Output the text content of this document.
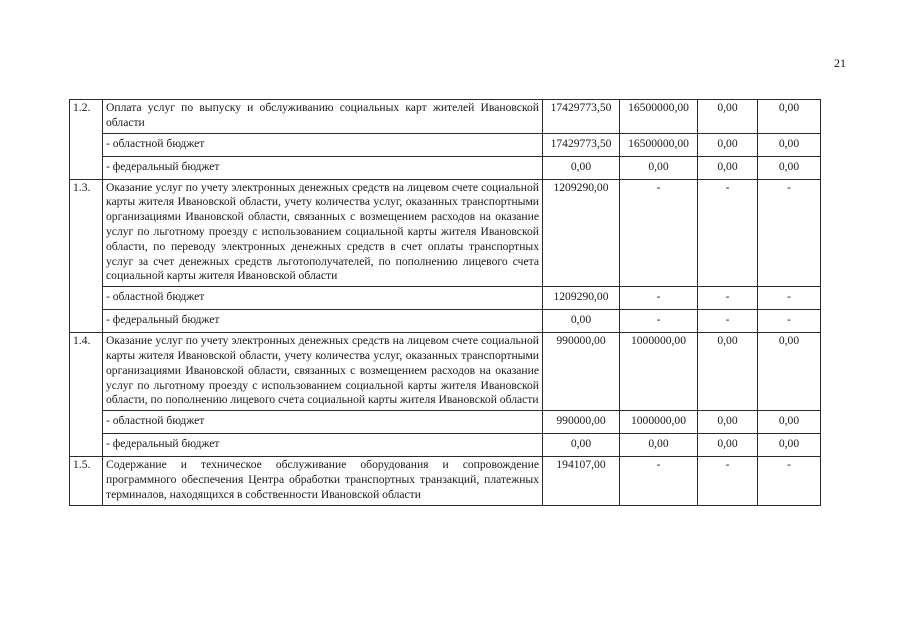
21
1.2.	Оплата услуг по выпуску и обслуживанию социальных карт жителей Ивановской области	17429773,50	16500000,00	0,00	0,00
	- областной бюджет	17429773,50	16500000,00	0,00	0,00
	- федеральный бюджет	0,00	0,00	0,00	0,00
1.3.	Оказание услуг по учету электронных денежных средств на лицевом счете социальной карты жителя Ивановской области, учету количества услуг, оказанных транспортными организациями Ивановской области, связанных с возмещением расходов на оказание услуг по льготному проезду с использованием социальной карты жителя Ивановской области, по переводу электронных денежных средств в счет оплаты транспортных услуг за счет денежных средств льготополучателей, по пополнению лицевого счета социальной карты жителя Ивановской области	1209290,00	-	-	-
	- областной бюджет	1209290,00	-	-	-
	- федеральный бюджет	0,00	-	-	-
1.4.	Оказание услуг по учету электронных денежных средств на лицевом счете социальной карты жителя Ивановской области, учету количества услуг, оказанных транспортными организациями Ивановской области, связанных с возмещением расходов на оказание услуг по льготному проезду с использованием социальной карты жителя Ивановской области, по пополнению лицевого счета социальной карты жителя Ивановской области	990000,00	1000000,00	0,00	0,00
	- областной бюджет	990000,00	1000000,00	0,00	0,00
	- федеральный бюджет	0,00	0,00	0,00	0,00
1.5.	Содержание и техническое обслуживание оборудования и сопровождение программного обеспечения Центра обработки транспортных транзакций, платежных терминалов, находящихся в собственности Ивановской области	194107,00	-	-	-
